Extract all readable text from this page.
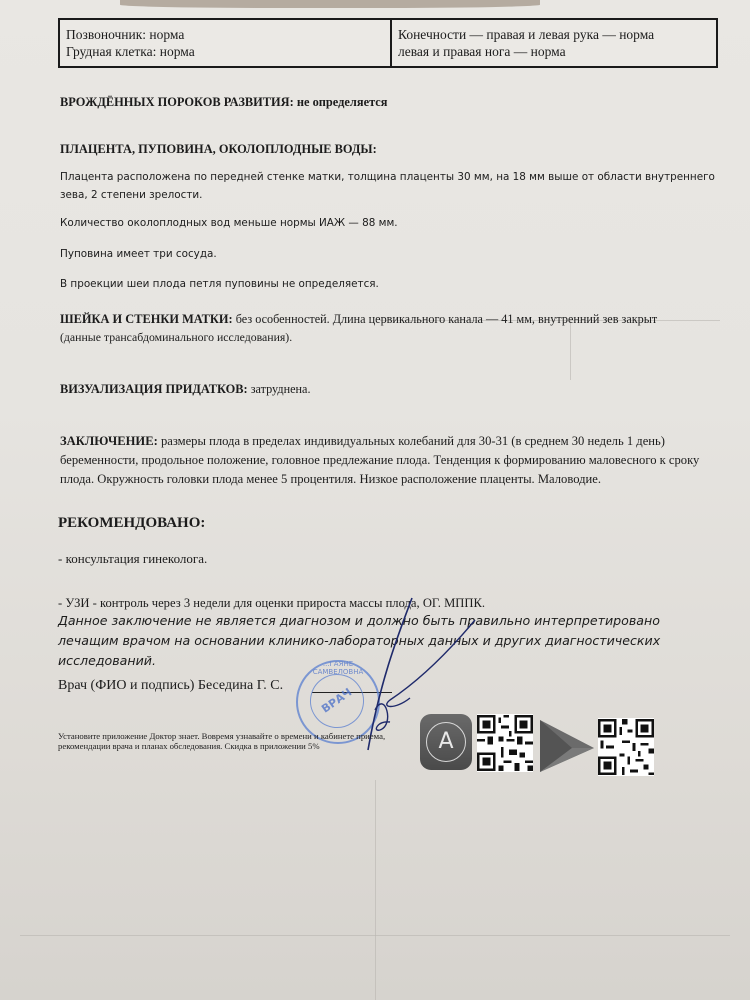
Позвоночник: норма
Грудная клетка: норма
Конечности — правая и левая рука — норма
левая и правая нога — норма
ВРОЖДЁННЫХ ПОРОКОВ РАЗВИТИЯ: не определяется
ПЛАЦЕНТА, ПУПОВИНА, ОКОЛОПЛОДНЫЕ ВОДЫ:
Плацента расположена по передней стенке матки, толщина плаценты 30 мм, на 18 мм выше от области внутреннего
зева, 2 степени зрелости.
Количество околоплодных вод меньше нормы ИАЖ — 88 мм.
Пуповина имеет три сосуда.
В проекции шеи плода петля пуповины не определяется.
ШЕЙКА И СТЕНКИ МАТКИ: без особенностей. Длина цервикального канала — 41 мм, внутренний зев закрыт
(данные трансабдоминального исследования).
ВИЗУАЛИЗАЦИЯ ПРИДАТКОВ: затруднена.
ЗАКЛЮЧЕНИЕ: размеры плода в пределах индивидуальных колебаний для 30-31 (в среднем 30 недель 1 день) беременности, продольное положение, головное предлежание плода. Тенденция к формированию маловесного к сроку плода. Окружность головки плода менее 5 процентиля. Низкое расположение плаценты. Маловодие.
РЕКОМЕНДОВАНО:
- консультация гинеколога.
- УЗИ - контроль через 3 недели для оценки прироста массы плода, ОГ. МППК.
Данное заключение не является диагнозом и должно быть правильно интерпретировано лечащим врачом на основании клинико-лабораторных данных и других диагностических исследований.
Врач (ФИО и подпись) Беседина Г. С.
...ГАЯНЕ САМВЕЛОВНА
ВРАЧ
Установите приложение Доктор знает. Вовремя узнавайте о времени и кабинете приема, рекомендации врача и планах обследования. Скидка в приложении 5%	A
